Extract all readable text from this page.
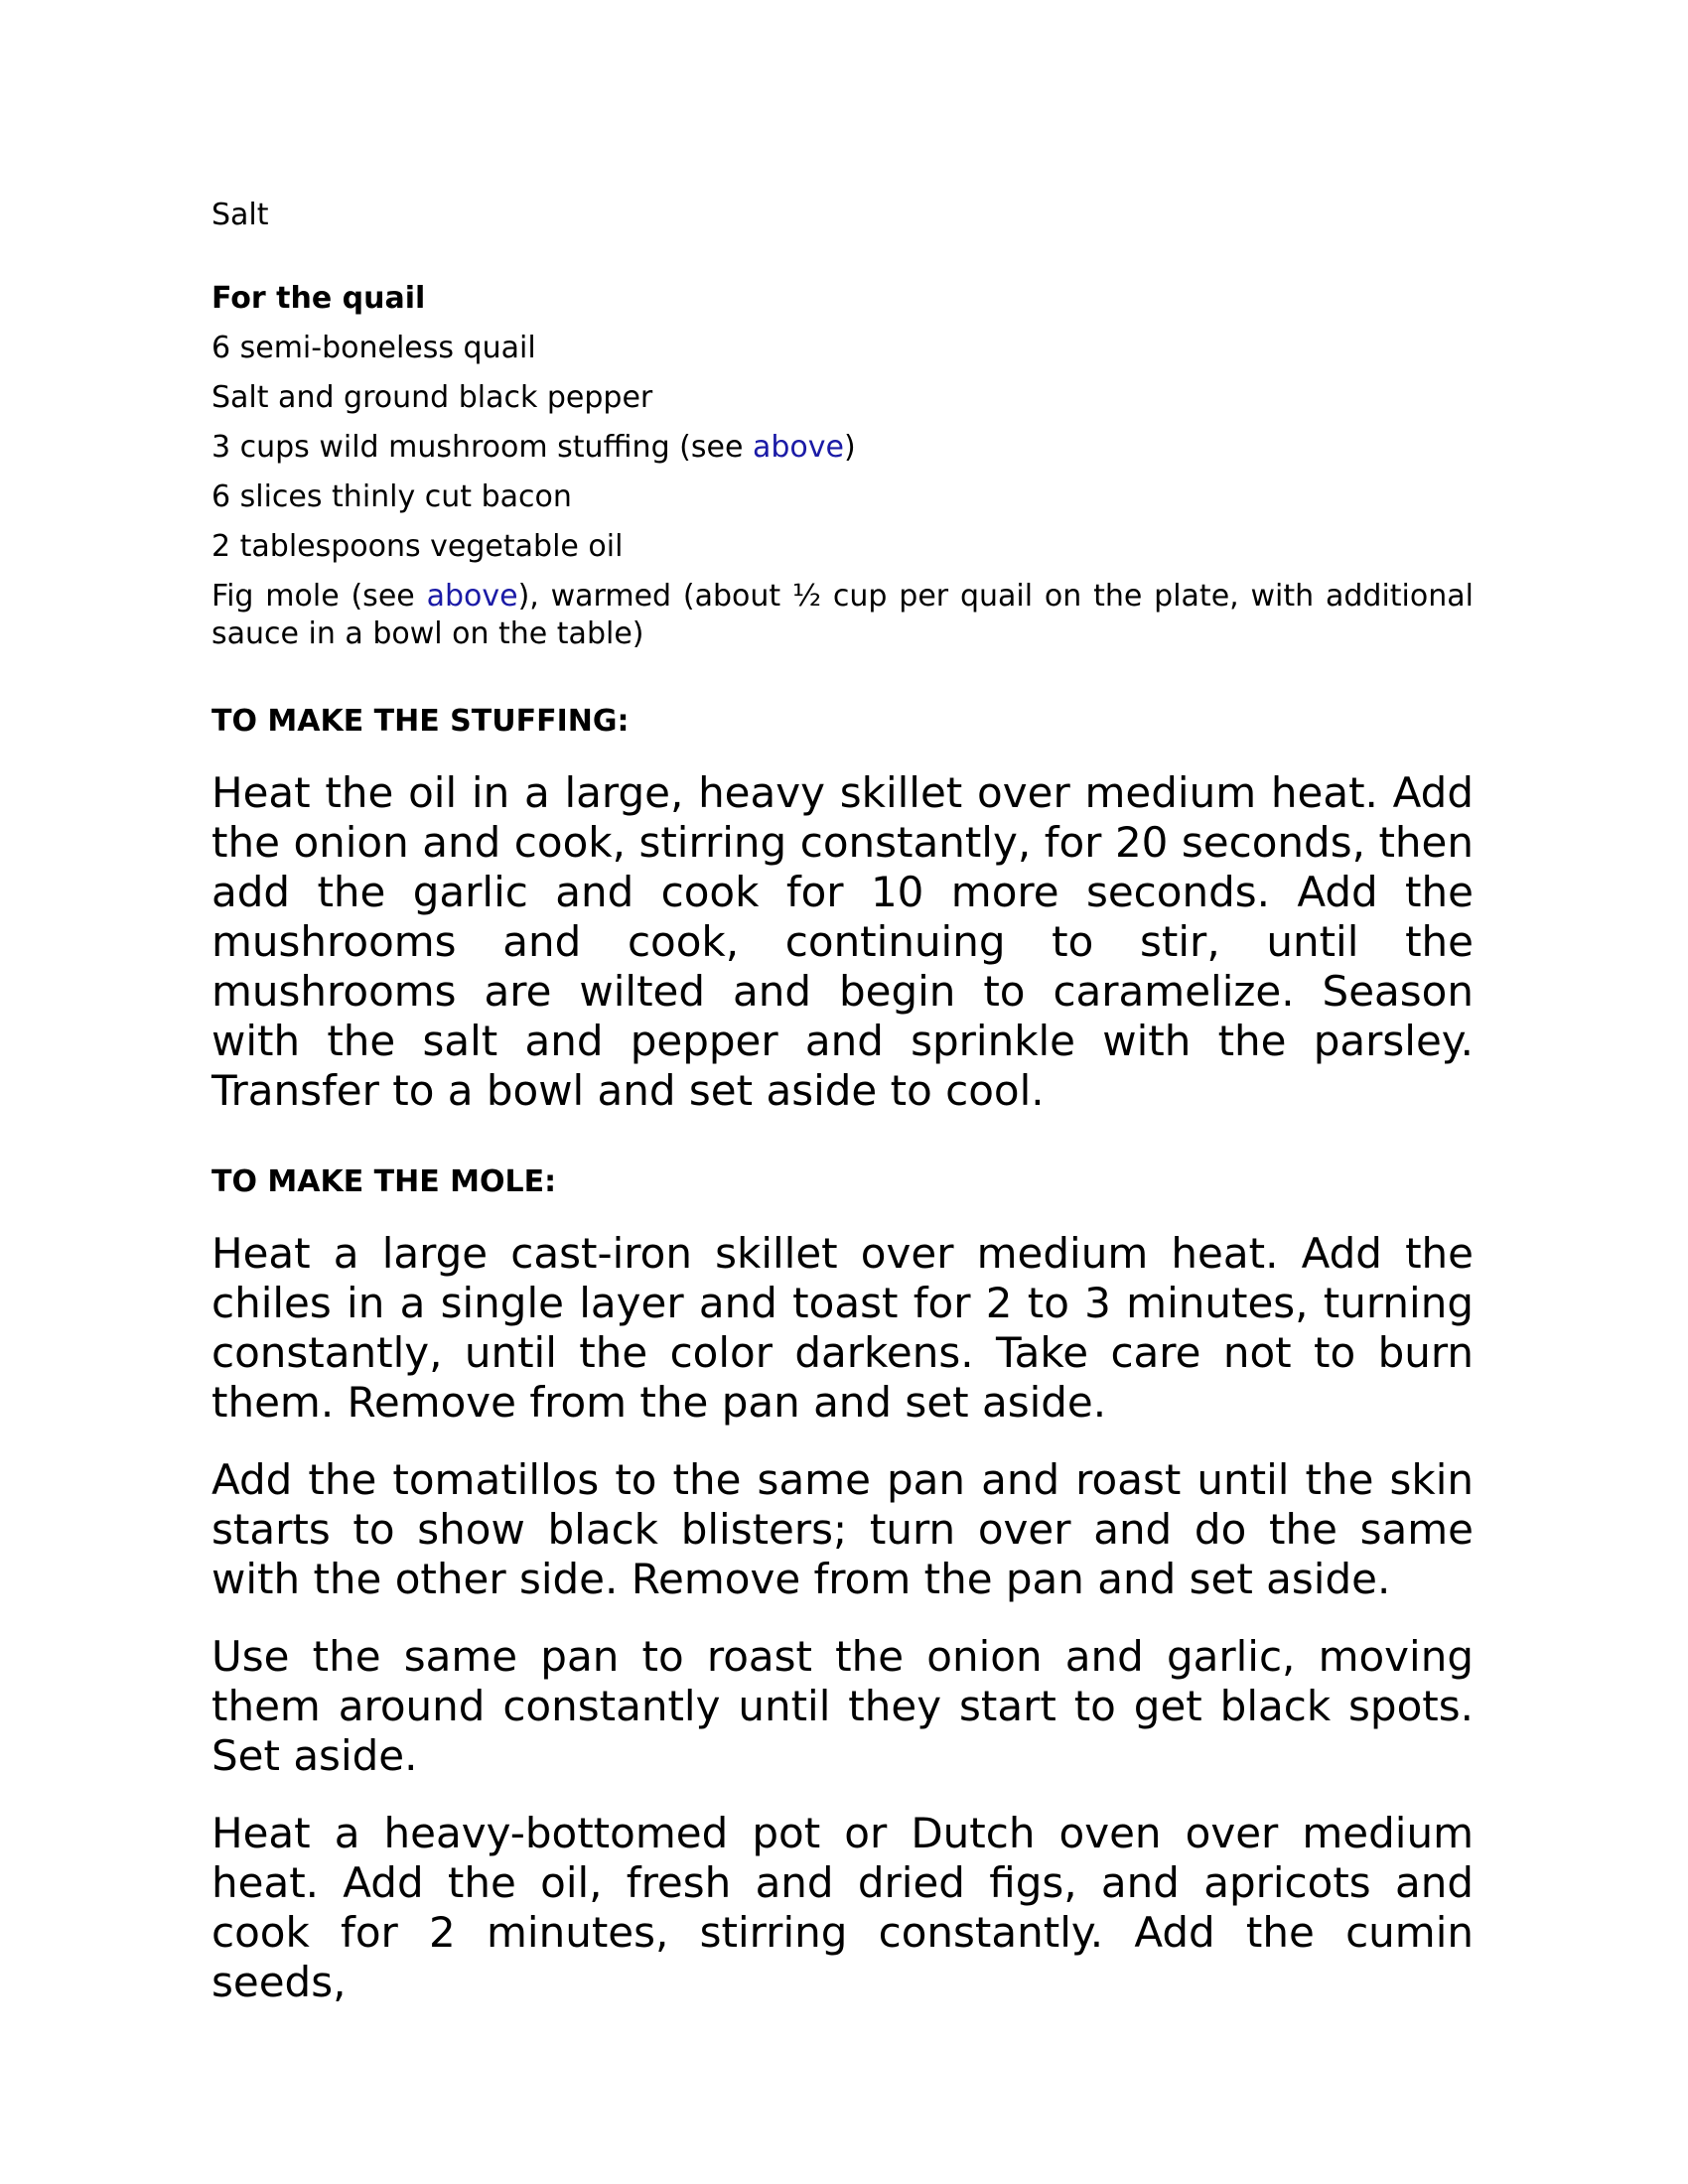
Salt

For the quail

6 semi-boneless quail

Salt and ground black pepper

3 cups wild mushroom stuffing (see above)

6 slices thinly cut bacon

2 tablespoons vegetable oil

Fig mole (see above), warmed (about ½ cup per quail on the plate, with additional sauce in a bowl on the table)

TO MAKE THE STUFFING:

Heat the oil in a large, heavy skillet over medium heat. Add the onion and cook, stirring constantly, for 20 seconds, then add the garlic and cook for 10 more seconds. Add the mushrooms and cook, continuing to stir, until the mushrooms are wilted and begin to caramelize. Season with the salt and pepper and sprinkle with the parsley. Transfer to a bowl and set aside to cool.

TO MAKE THE MOLE:

Heat a large cast-iron skillet over medium heat. Add the chiles in a single layer and toast for 2 to 3 minutes, turning constantly, until the color darkens. Take care not to burn them. Remove from the pan and set aside.

Add the tomatillos to the same pan and roast until the skin starts to show black blisters; turn over and do the same with the other side. Remove from the pan and set aside.

Use the same pan to roast the onion and garlic, moving them around constantly until they start to get black spots. Set aside.

Heat a heavy-bottomed pot or Dutch oven over medium heat. Add the oil, fresh and dried figs, and apricots and cook for 2 minutes, stirring constantly. Add the cumin seeds,
